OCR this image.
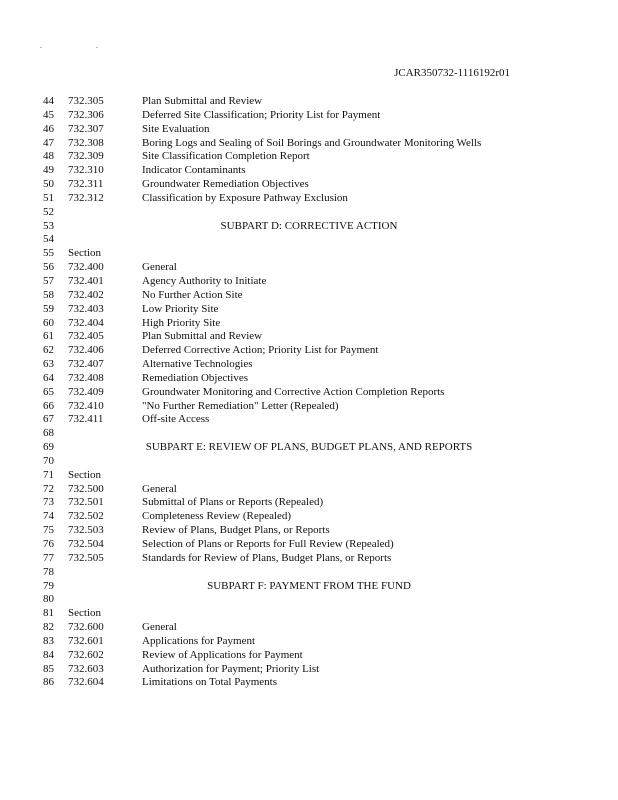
. .
JCAR350732-1116192r01
44 732.305	Plan Submittal and Review
45 732.306	Deferred Site Classification; Priority List for Payment
46 732.307	Site Evaluation
47 732.308	Boring Logs and Sealing of Soil Borings and Groundwater Monitoring Wells
48 732.309	Site Classification Completion Report
49 732.310	Indicator Contaminants
50 732.311	Groundwater Remediation Objectives
51 732.312	Classification by Exposure Pathway Exclusion
52
53	SUBPART D: CORRECTIVE ACTION
54
55 Section
56 732.400	General
57 732.401	Agency Authority to Initiate
58 732.402	No Further Action Site
59 732.403	Low Priority Site
60 732.404	High Priority Site
61 732.405	Plan Submittal and Review
62 732.406	Deferred Corrective Action; Priority List for Payment
63 732.407	Alternative Technologies
64 732.408	Remediation Objectives
65 732.409	Groundwater Monitoring and Corrective Action Completion Reports
66 732.410	"No Further Remediation" Letter (Repealed)
67 732.411	Off-site Access
68
69	SUBPART E: REVIEW OF PLANS, BUDGET PLANS, AND REPORTS
70
71 Section
72 732.500	General
73 732.501	Submittal of Plans or Reports (Repealed)
74 732.502	Completeness Review (Repealed)
75 732.503	Review of Plans, Budget Plans, or Reports
76 732.504	Selection of Plans or Reports for Full Review (Repealed)
77 732.505	Standards for Review of Plans, Budget Plans, or Reports
78
79	SUBPART F: PAYMENT FROM THE FUND
80
81 Section
82 732.600	General
83 732.601	Applications for Payment
84 732.602	Review of Applications for Payment
85 732.603	Authorization for Payment; Priority List
86 732.604	Limitations on Total Payments
